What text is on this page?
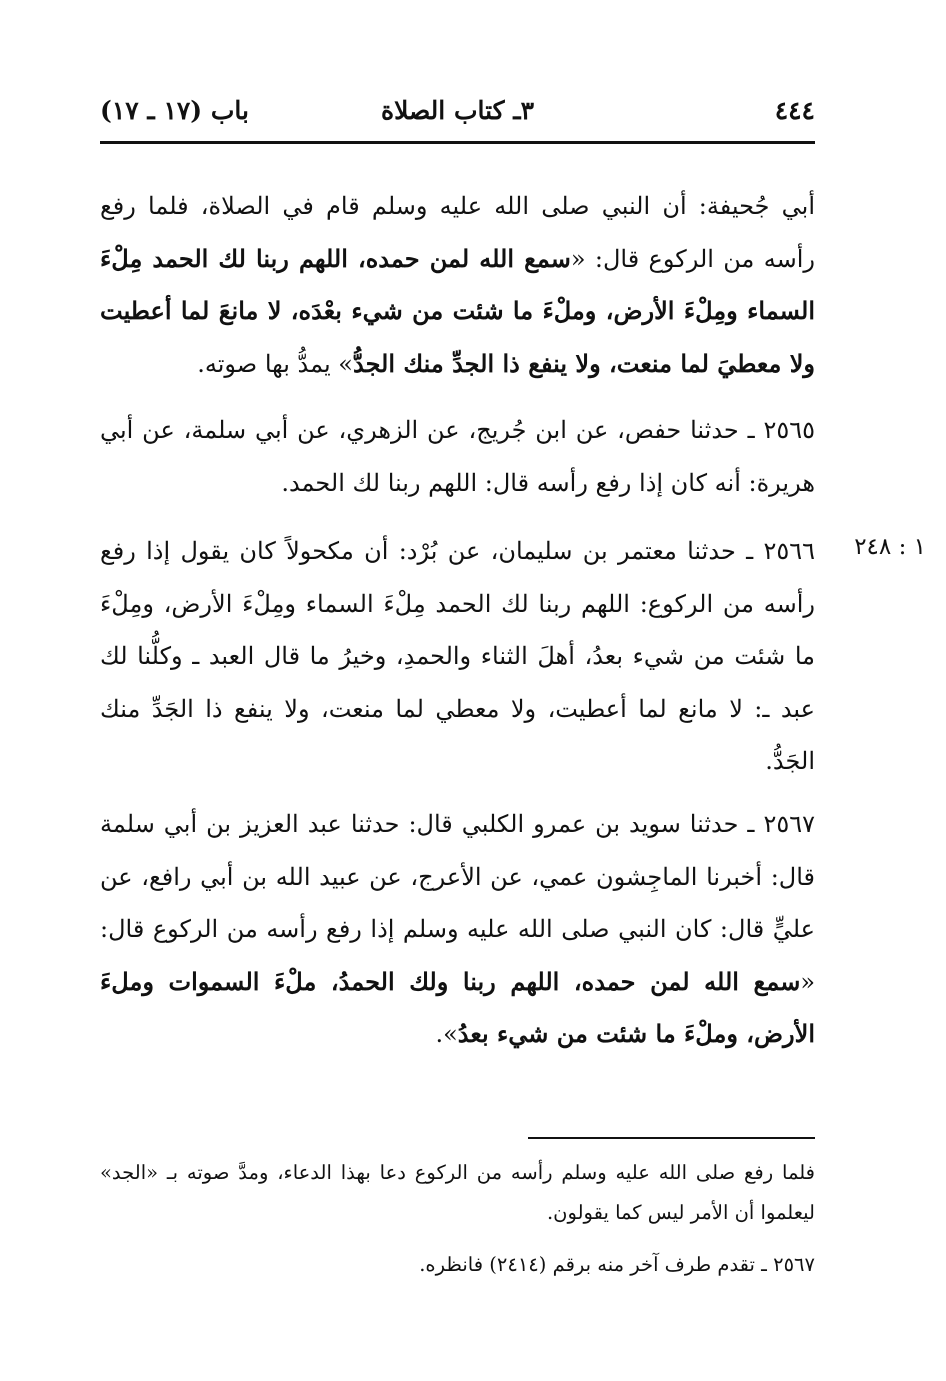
٤٤٤
٣ـ كتاب الصلاة
باب (١٧ ـ ١٧)

أبي جُحيفة: أن النبي صلى الله عليه وسلم قام في الصلاة، فلما رفع رأسه من الركوع قال: «سمع الله لمن حمده، اللهم ربنا لك الحمد مِلْءَ السماء ومِلْءَ الأرض، وملْءَ ما شئت من شيء بعْدَه، لا مانعَ لما أعطيت ولا معطيَ لما منعت، ولا ينفع ذا الجدِّ منك الجدُّ» يمدُّ بها صوته.

٢٥٦٥ ـ حدثنا حفص، عن ابن جُريج، عن الزهري، عن أبي سلمة، عن أبي هريرة: أنه كان إذا رفع رأسه قال: اللهم ربنا لك الحمد.

١ : ٢٤٨

٢٥٦٦ ـ حدثنا معتمر بن سليمان، عن بُرْد: أن مكحولاً كان يقول إذا رفع رأسه من الركوع: اللهم ربنا لك الحمد مِلْءَ السماء ومِلْءَ الأرض، ومِلْءَ ما شئت من شيء بعدُ، أهلَ الثناء والحمدِ، وخيرُ ما قال العبد ـ وكلُّنا لك عبد ـ: لا مانع لما أعطيت، ولا معطي لما منعت، ولا ينفع ذا الجَدِّ منك الجَدُّ.

٢٥٦٧ ـ حدثنا سويد بن عمرو الكلبي قال: حدثنا عبد العزيز بن أبي سلمة قال: أخبرنا الماجِشون عمي، عن الأعرج، عن عبيد الله بن أبي رافع، عن عليٍّ قال: كان النبي صلى الله عليه وسلم إذا رفع رأسه من الركوع قال: «سمع الله لمن حمده، اللهم ربنا ولك الحمدُ، ملْءَ السموات وملءَ الأرض، وملْءَ ما شئت من شيء بعدُ».

فلما رفع صلى الله عليه وسلم رأسه من الركوع دعا بهذا الدعاء، ومدَّ صوته بـ «الجد» ليعلموا أن الأمر ليس كما يقولون.

٢٥٦٧ ـ تقدم طرف آخر منه برقم (٢٤١٤) فانظره.
